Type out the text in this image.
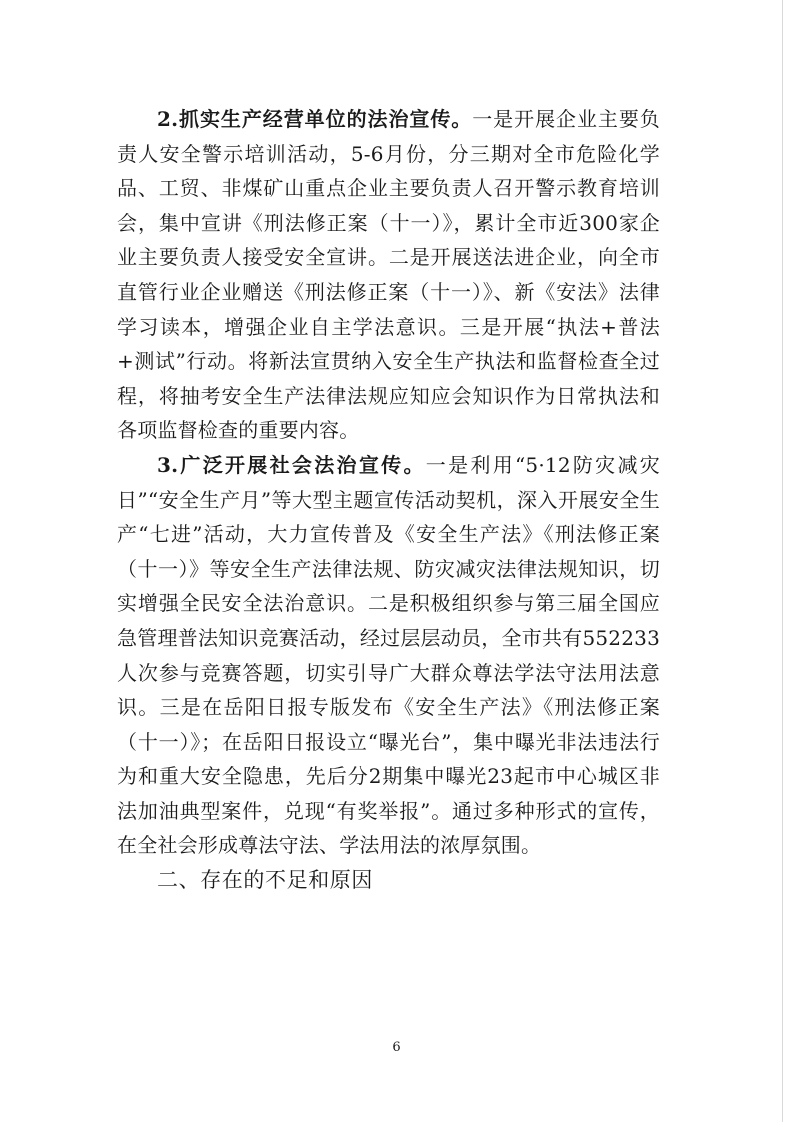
2.抓实生产经营单位的法治宣传。一是开展企业主要负责人安全警示培训活动，5-6月份，分三期对全市危险化学品、工贸、非煤矿山重点企业主要负责人召开警示教育培训会，集中宣讲《刑法修正案（十一）》，累计全市近300家企业主要负责人接受安全宣讲。二是开展送法进企业，向全市直管行业企业赠送《刑法修正案（十一）》、新《安法》法律学习读本，增强企业自主学法意识。三是开展“执法+普法+测试”行动。将新法宣贯纳入安全生产执法和监督检查全过程，将抽考安全生产法律法规应知应会知识作为日常执法和各项监督检查的重要内容。

3.广泛开展社会法治宣传。一是利用“5·12防灾减灾日”“安全生产月”等大型主题宣传活动契机，深入开展安全生产“七进”活动，大力宣传普及《安全生产法》《刑法修正案（十一）》等安全生产法律法规、防灾减灾法律法规知识，切实增强全民安全法治意识。二是积极组织参与第三届全国应急管理普法知识竞赛活动，经过层层动员，全市共有552233人次参与竞赛答题，切实引导广大群众尊法学法守法用法意识。三是在岳阳日报专版发布《安全生产法》《刑法修正案（十一）》；在岳阳日报设立“曝光台”，集中曝光非法违法行为和重大安全隐患，先后分2期集中曝光23起市中心城区非法加油典型案件，兑现“有奖举报”。通过多种形式的宣传，在全社会形成尊法守法、学法用法的浓厚氛围。

二、存在的不足和原因

6
